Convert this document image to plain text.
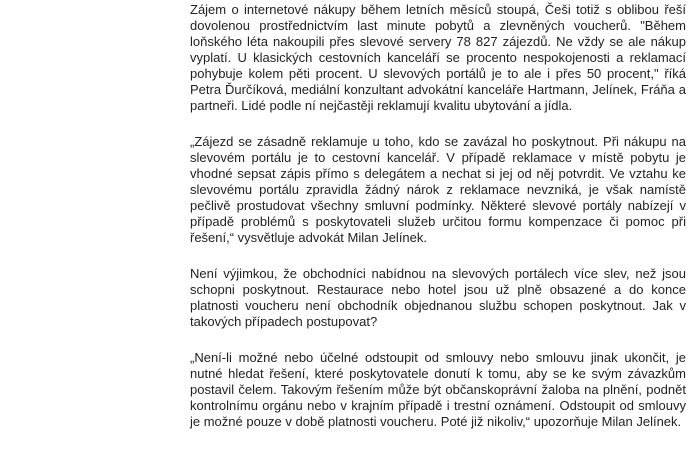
Zájem o internetové nákupy během letních měsíců stoupá, Češi totiž s oblibou řeší dovolenou prostřednictvím last minute pobytů a zlevněných voucherů. "Během loňského léta nakoupili přes slevové servery 78 827 zájezdů. Ne vždy se ale nákup vyplatí. U klasických cestovních kanceláří se procento nespokojenosti a reklamací pohybuje kolem pěti procent. U slevových portálů je to ale i přes 50 procent," říká Petra Ďurčíková, mediální konzultant advokátní kanceláře Hartmann, Jelínek, Fráňa a partneři. Lidé podle ní nejčastěji reklamují kvalitu ubytování a jídla.

„Zájezd se zásadně reklamuje u toho, kdo se zavázal ho poskytnout. Při nákupu na slevovém portálu je to cestovní kancelář. V případě reklamace v místě pobytu je vhodné sepsat zápis přímo s delegátem a nechat si jej od něj potvrdit. Ve vztahu ke slevovému portálu zpravidla žádný nárok z reklamace nevzniká, je však namístě pečlivě prostudovat všechny smluvní podmínky. Některé slevové portály nabízejí v případě problémů s poskytovateli služeb určitou formu kompenzace či pomoc při řešení,“ vysvětluje advokát Milan Jelínek.

Není výjimkou, že obchodníci nabídnou na slevových portálech více slev, než jsou schopni poskytnout. Restaurace nebo hotel jsou už plně obsazené a do konce platnosti voucheru není obchodník objednanou službu schopen poskytnout. Jak v takových případech postupovat?

„Není-li možné nebo účelné odstoupit od smlouvy nebo smlouvu jinak ukončit, je nutné hledat řešení, které poskytovatele donutí k tomu, aby se ke svým závazkům postavil čelem. Takovým řešením může být občanskoprávní žaloba na plnění, podnět kontrolnímu orgánu nebo v krajním případě i trestní oznámení. Odstoupit od smlouvy je možné pouze v době platnosti voucheru. Poté již nikoliv,“ upozorňuje Milan Jelínek.
